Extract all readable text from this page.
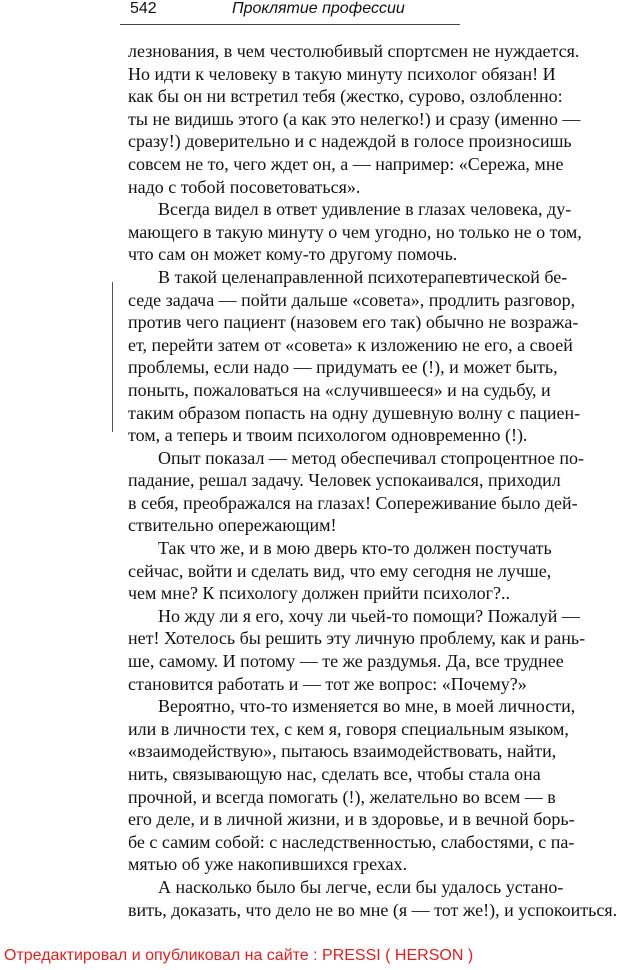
542	Проклятие профессии
лезнования, в чем честолюбивый спортсмен не нуждается.
Но идти к человеку в такую минуту психолог обязан! И
как бы он ни встретил тебя (жестко, сурово, озлобленно:
ты не видишь этого (а как это нелегко!) и сразу (именно —
сразу!) доверительно и с надеждой в голосе произносишь
совсем не то, чего ждет он, а — например: «Сережа, мне
надо с тобой посоветоваться».
Всегда видел в ответ удивление в глазах человека, ду-
мающего в такую минуту о чем угодно, но только не о том,
что сам он может кому-то другому помочь.
В такой целенаправленной психотерапевтической бе-
седе задача — пойти дальше «совета», продлить разговор,
против чего пациент (назовем его так) обычно не возража-
ет, перейти затем от «совета» к изложению не его, а своей
проблемы, если надо — придумать ее (!), и может быть,
поныть, пожаловаться на «случившееся» и на судьбу, и
таким образом попасть на одну душевную волну с пациен-
том, а теперь и твоим психологом одновременно (!).
Опыт показал — метод обеспечивал стопроцентное по-
падание, решал задачу. Человек успокаивался, приходил
в себя, преображался на глазах! Сопереживание было дей-
ствительно опережающим!
Так что же, и в мою дверь кто-то должен постучать
сейчас, войти и сделать вид, что ему сегодня не лучше,
чем мне? К психологу должен прийти психолог?..
Но жду ли я его, хочу ли чьей-то помощи? Пожалуй —
нет! Хотелось бы решить эту личную проблему, как и рань-
ше, самому. И потому — те же раздумья. Да, все труднее
становится работать и — тот же вопрос: «Почему?»
Вероятно, что-то изменяется во мне, в моей личности,
или в личности тех, с кем я, говоря специальным языком,
«взаимодействую», пытаюсь взаимодействовать, найти,
нить, связывающую нас, сделать все, чтобы стала она
прочной, и всегда помогать (!), желательно во всем — в
его деле, и в личной жизни, и в здоровье, и в вечной борь-
бе с самим собой: с наследственностью, слабостями, с па-
мятью об уже накопившихся грехах.
А насколько было бы легче, если бы удалось устано-
вить, доказать, что дело не во мне (я — тот же!), и успокоиться.
Отредактировал и опубликовал на сайте : PRESSI ( HERSON )
